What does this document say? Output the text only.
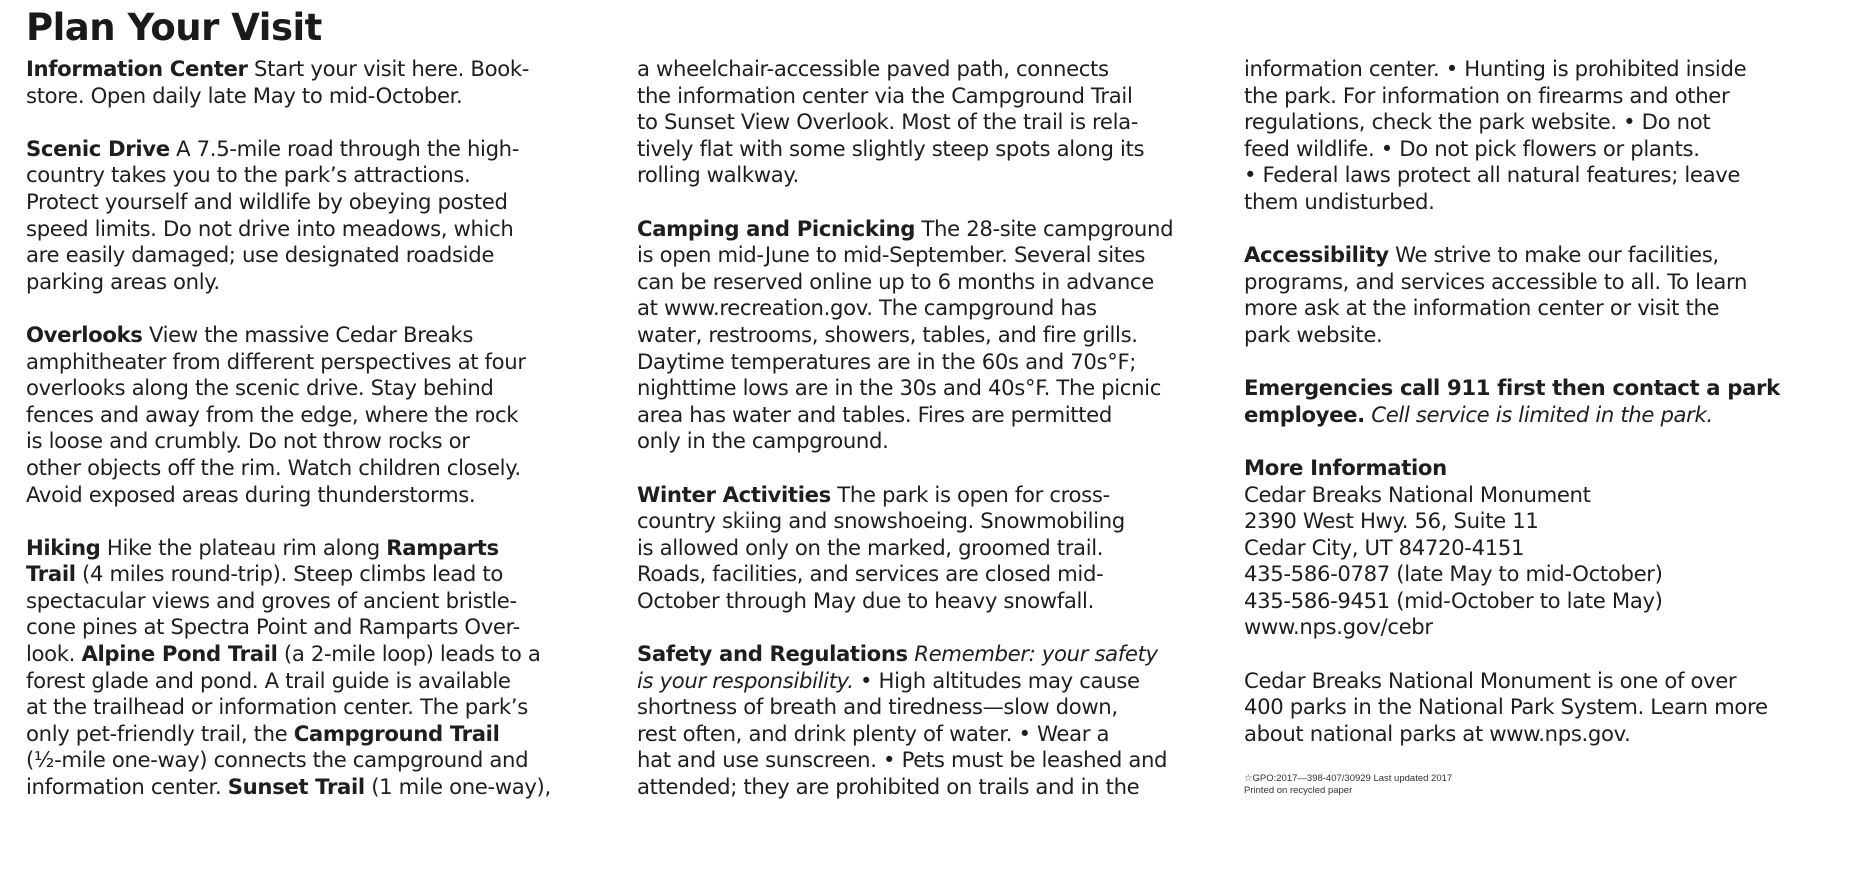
Plan Your Visit
Information Center Start your visit here. Book-
store. Open daily late May to mid-October.
Scenic Drive A 7.5-mile road through the high-
country takes you to the park’s attractions.
Protect yourself and wildlife by obeying posted
speed limits. Do not drive into meadows, which
are easily damaged; use designated roadside
parking areas only.
Overlooks View the massive Cedar Breaks
amphitheater from different perspectives at four
overlooks along the scenic drive. Stay behind
fences and away from the edge, where the rock
is loose and crumbly. Do not throw rocks or
other objects off the rim. Watch children closely.
Avoid exposed areas during thunderstorms.
Hiking Hike the plateau rim along Ramparts
Trail (4 miles round-trip). Steep climbs lead to
spectacular views and groves of ancient bristle-
cone pines at Spectra Point and Ramparts Over-
look. Alpine Pond Trail (a 2-mile loop) leads to a
forest glade and pond. A trail guide is available
at the trailhead or information center. The park’s
only pet-friendly trail, the Campground Trail
(½-mile one-way) connects the campground and
information center. Sunset Trail (1 mile one-way),
a wheelchair-accessible paved path, connects
the information center via the Campground Trail
to Sunset View Overlook. Most of the trail is rela-
tively flat with some slightly steep spots along its
rolling walkway.
Camping and Picnicking The 28-site campground
is open mid-June to mid-September. Several sites
can be reserved online up to 6 months in advance
at www.recreation.gov. The campground has
water, restrooms, showers, tables, and fire grills.
Daytime temperatures are in the 60s and 70s°F;
nighttime lows are in the 30s and 40s°F. The picnic
area has water and tables. Fires are permitted
only in the campground.
Winter Activities The park is open for cross-
country skiing and snowshoeing. Snowmobiling
is allowed only on the marked, groomed trail.
Roads, facilities, and services are closed mid-
October through May due to heavy snowfall.
Safety and Regulations Remember: your safety
is your responsibility. • High altitudes may cause
shortness of breath and tiredness—slow down,
rest often, and drink plenty of water. • Wear a
hat and use sunscreen. • Pets must be leashed and
attended; they are prohibited on trails and in the
information center. • Hunting is prohibited inside
the park. For information on firearms and other
regulations, check the park website. • Do not
feed wildlife. • Do not pick flowers or plants.
• Federal laws protect all natural features; leave
them undisturbed.
Accessibility We strive to make our facilities,
programs, and services accessible to all. To learn
more ask at the information center or visit the
park website.
Emergencies call 911 first then contact a park
employee. Cell service is limited in the park.
More Information
Cedar Breaks National Monument
2390 West Hwy. 56, Suite 11
Cedar City, UT 84720-4151
435-586-0787 (late May to mid-October)
435-586-9451 (mid-October to late May)
www.nps.gov/cebr
Cedar Breaks National Monument is one of over
400 parks in the National Park System. Learn more
about national parks at www.nps.gov.
☆GPO:2017—398-407/30929 Last updated 2017
Printed on recycled paper
